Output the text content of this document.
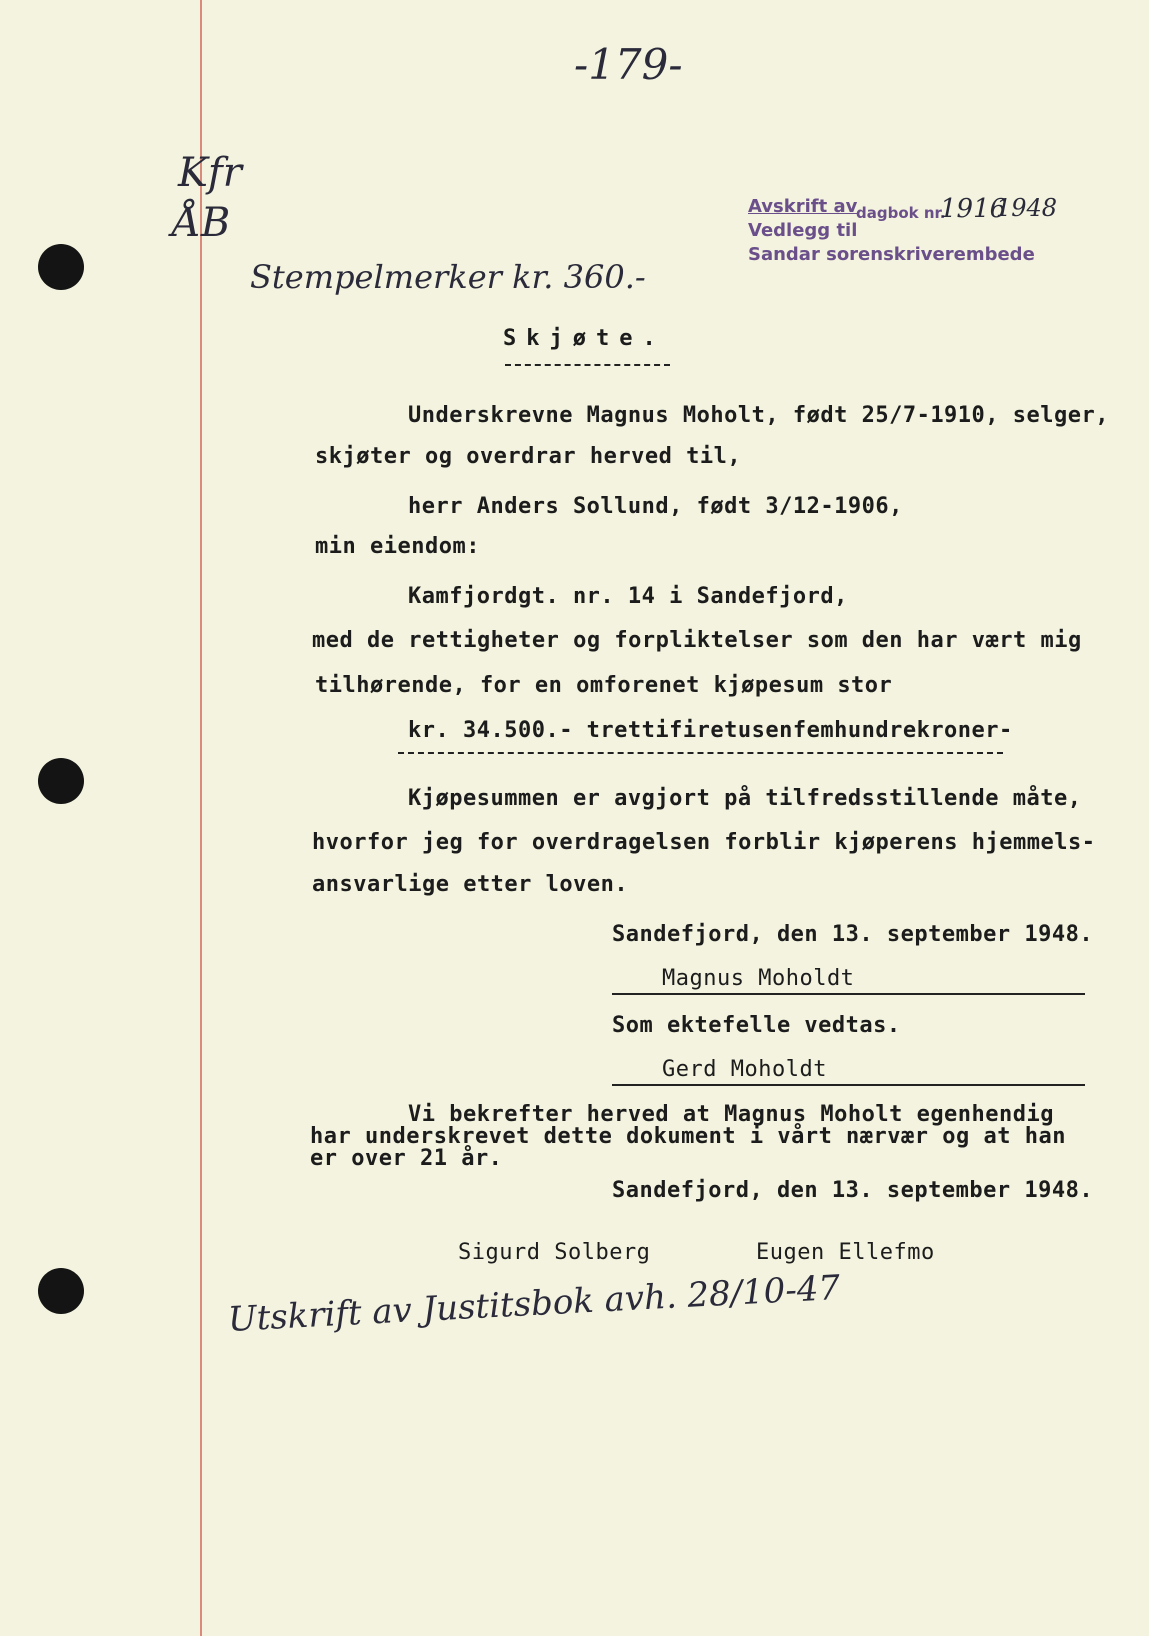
-179-
Kfr
ÅB	Avskrift av
dagbok nr.
1916
1948
Vedlegg til
Sandar sorenskriverembede
Stempelmerker kr. 360.-
Skjøte.
Underskrevne Magnus Moholt, født 25/7-1910, selger,
skjøter og overdrar herved til,
herr Anders Sollund, født 3/12-1906,
min eiendom:
Kamfjordgt. nr. 14 i Sandefjord,
med de rettigheter og forpliktelser som den har vært mig
tilhørende, for en omforenet kjøpesum stor
kr. 34.500.- trettifiretusenfemhundrekroner-
Kjøpesummen er avgjort på tilfredsstillende måte,
hvorfor jeg for overdragelsen forblir kjøperens hjemmels-
ansvarlige etter loven.
Sandefjord, den 13. september 1948.
Magnus Moholdt
Som ektefelle vedtas.
Gerd Moholdt
Vi bekrefter herved at Magnus Moholt egenhendig
har underskrevet dette dokument i vårt nærvær og at han
er over 21 år.
Sandefjord, den 13. september 1948.
Sigurd Solberg	Eugen Ellefmo
Utskrift av Justitsbok avh. 28/10-47
